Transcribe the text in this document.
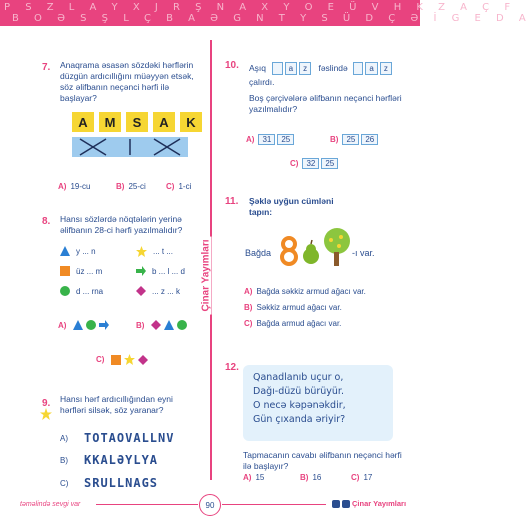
P S Z L A Y X J R Ş N A X Y O E Ü V H K Z A Ç F
B O Ə S Ş L Ç B A Ə G N T Y S Ü D Ç Ə İ G E D A
Çinar Yayımları
7. Anaqrama əsasən sözdəki hərflərin düzgün ardıcıllığını müəyyən etsək, söz əlifbanın neçənci hərfi ilə başlayar?
A	M	S	A	K
A) 19-cu	B) 25-ci	C) 1-ci
8. Hansı sözlərdə nöqtələrin yerinə əlifbanın 28-ci hərfi yazılmalıdır?
y ... n
üz ... m
d ... rna
... t ...
b ... l ... d
... z ... k
A)	B)
C)
9. Hansı hərf ardıcıllığından eyni hərfləri silsək, söz yaranar?
A) TOTAOVALLNV
B) KKALƏYLYA
C) SRULLNAGS
10. Aşıq	a z fəslində	a z
çalırdı.
Boş çərçivələrə əlifbanın neçənci hərfləri yazılmalıdır?
A) 31 25	B) 25 26
C) 32 25
11. Şəklə uyğun cümləni tapın:
Bağda	-ı var.
A) Bağda səkkiz armud ağacı var.
B) Səkkiz armud ağacı var.
C) Bağda armud ağacı var.
12.
Qanadlanıb uçur o,
Dağı-düzü bürüyür.
O necə kəpənəkdir,
Gün çıxanda əriyir?
Tapmacanın cavabı əlifbanın neçənci hərfi ilə başlayır?
A) 15	B) 16	C) 17
təməlində sevgi var	90	Çinar Yayımları
